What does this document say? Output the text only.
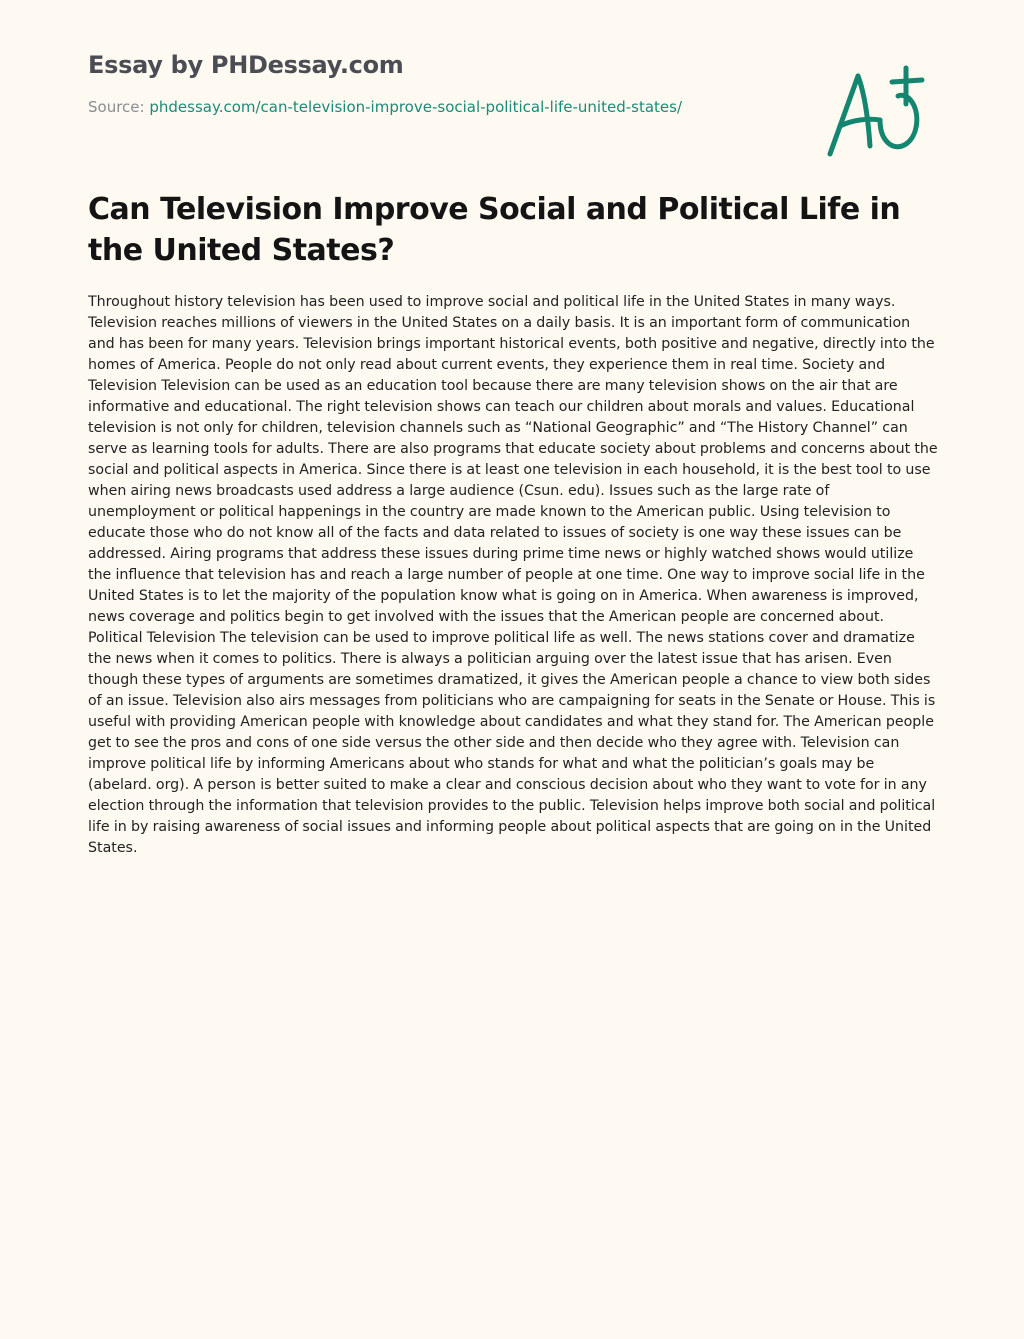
Essay by PHDessay.com
Source: phdessay.com/can-television-improve-social-political-life-united-states/
Can Television Improve Social and Political Life in the United States?

Throughout history television has been used to improve social and political life in the United States in many ways. Television reaches millions of viewers in the United States on a daily basis. It is an important form of communication and has been for many years. Television brings important historical events, both positive and negative, directly into the homes of America. People do not only read about current events, they experience them in real time. Society and Television Television can be used as an education tool because there are many television shows on the air that are informative and educational. The right television shows can teach our children about morals and values. Educational television is not only for children, television channels such as “National Geographic” and “The History Channel” can serve as learning tools for adults. There are also programs that educate society about problems and concerns about the social and political aspects in America. Since there is at least one television in each household, it is the best tool to use when airing news broadcasts used address a large audience (Csun. edu). Issues such as the large rate of unemployment or political happenings in the country are made known to the American public. Using television to educate those who do not know all of the facts and data related to issues of society is one way these issues can be addressed. Airing programs that address these issues during prime time news or highly watched shows would utilize the influence that television has and reach a large number of people at one time. One way to improve social life in the United States is to let the majority of the population know what is going on in America. When awareness is improved, news coverage and politics begin to get involved with the issues that the American people are concerned about. Political Television The television can be used to improve political life as well. The news stations cover and dramatize the news when it comes to politics. There is always a politician arguing over the latest issue that has arisen. Even though these types of arguments are sometimes dramatized, it gives the American people a chance to view both sides of an issue. Television also airs messages from politicians who are campaigning for seats in the Senate or House. This is useful with providing American people with knowledge about candidates and what they stand for. The American people get to see the pros and cons of one side versus the other side and then decide who they agree with. Television can improve political life by informing Americans about who stands for what and what the politician’s goals may be (abelard. org). A person is better suited to make a clear and conscious decision about who they want to vote for in any election through the information that television provides to the public. Television helps improve both social and political life in by raising awareness of social issues and informing people about political aspects that are going on in the United States.
